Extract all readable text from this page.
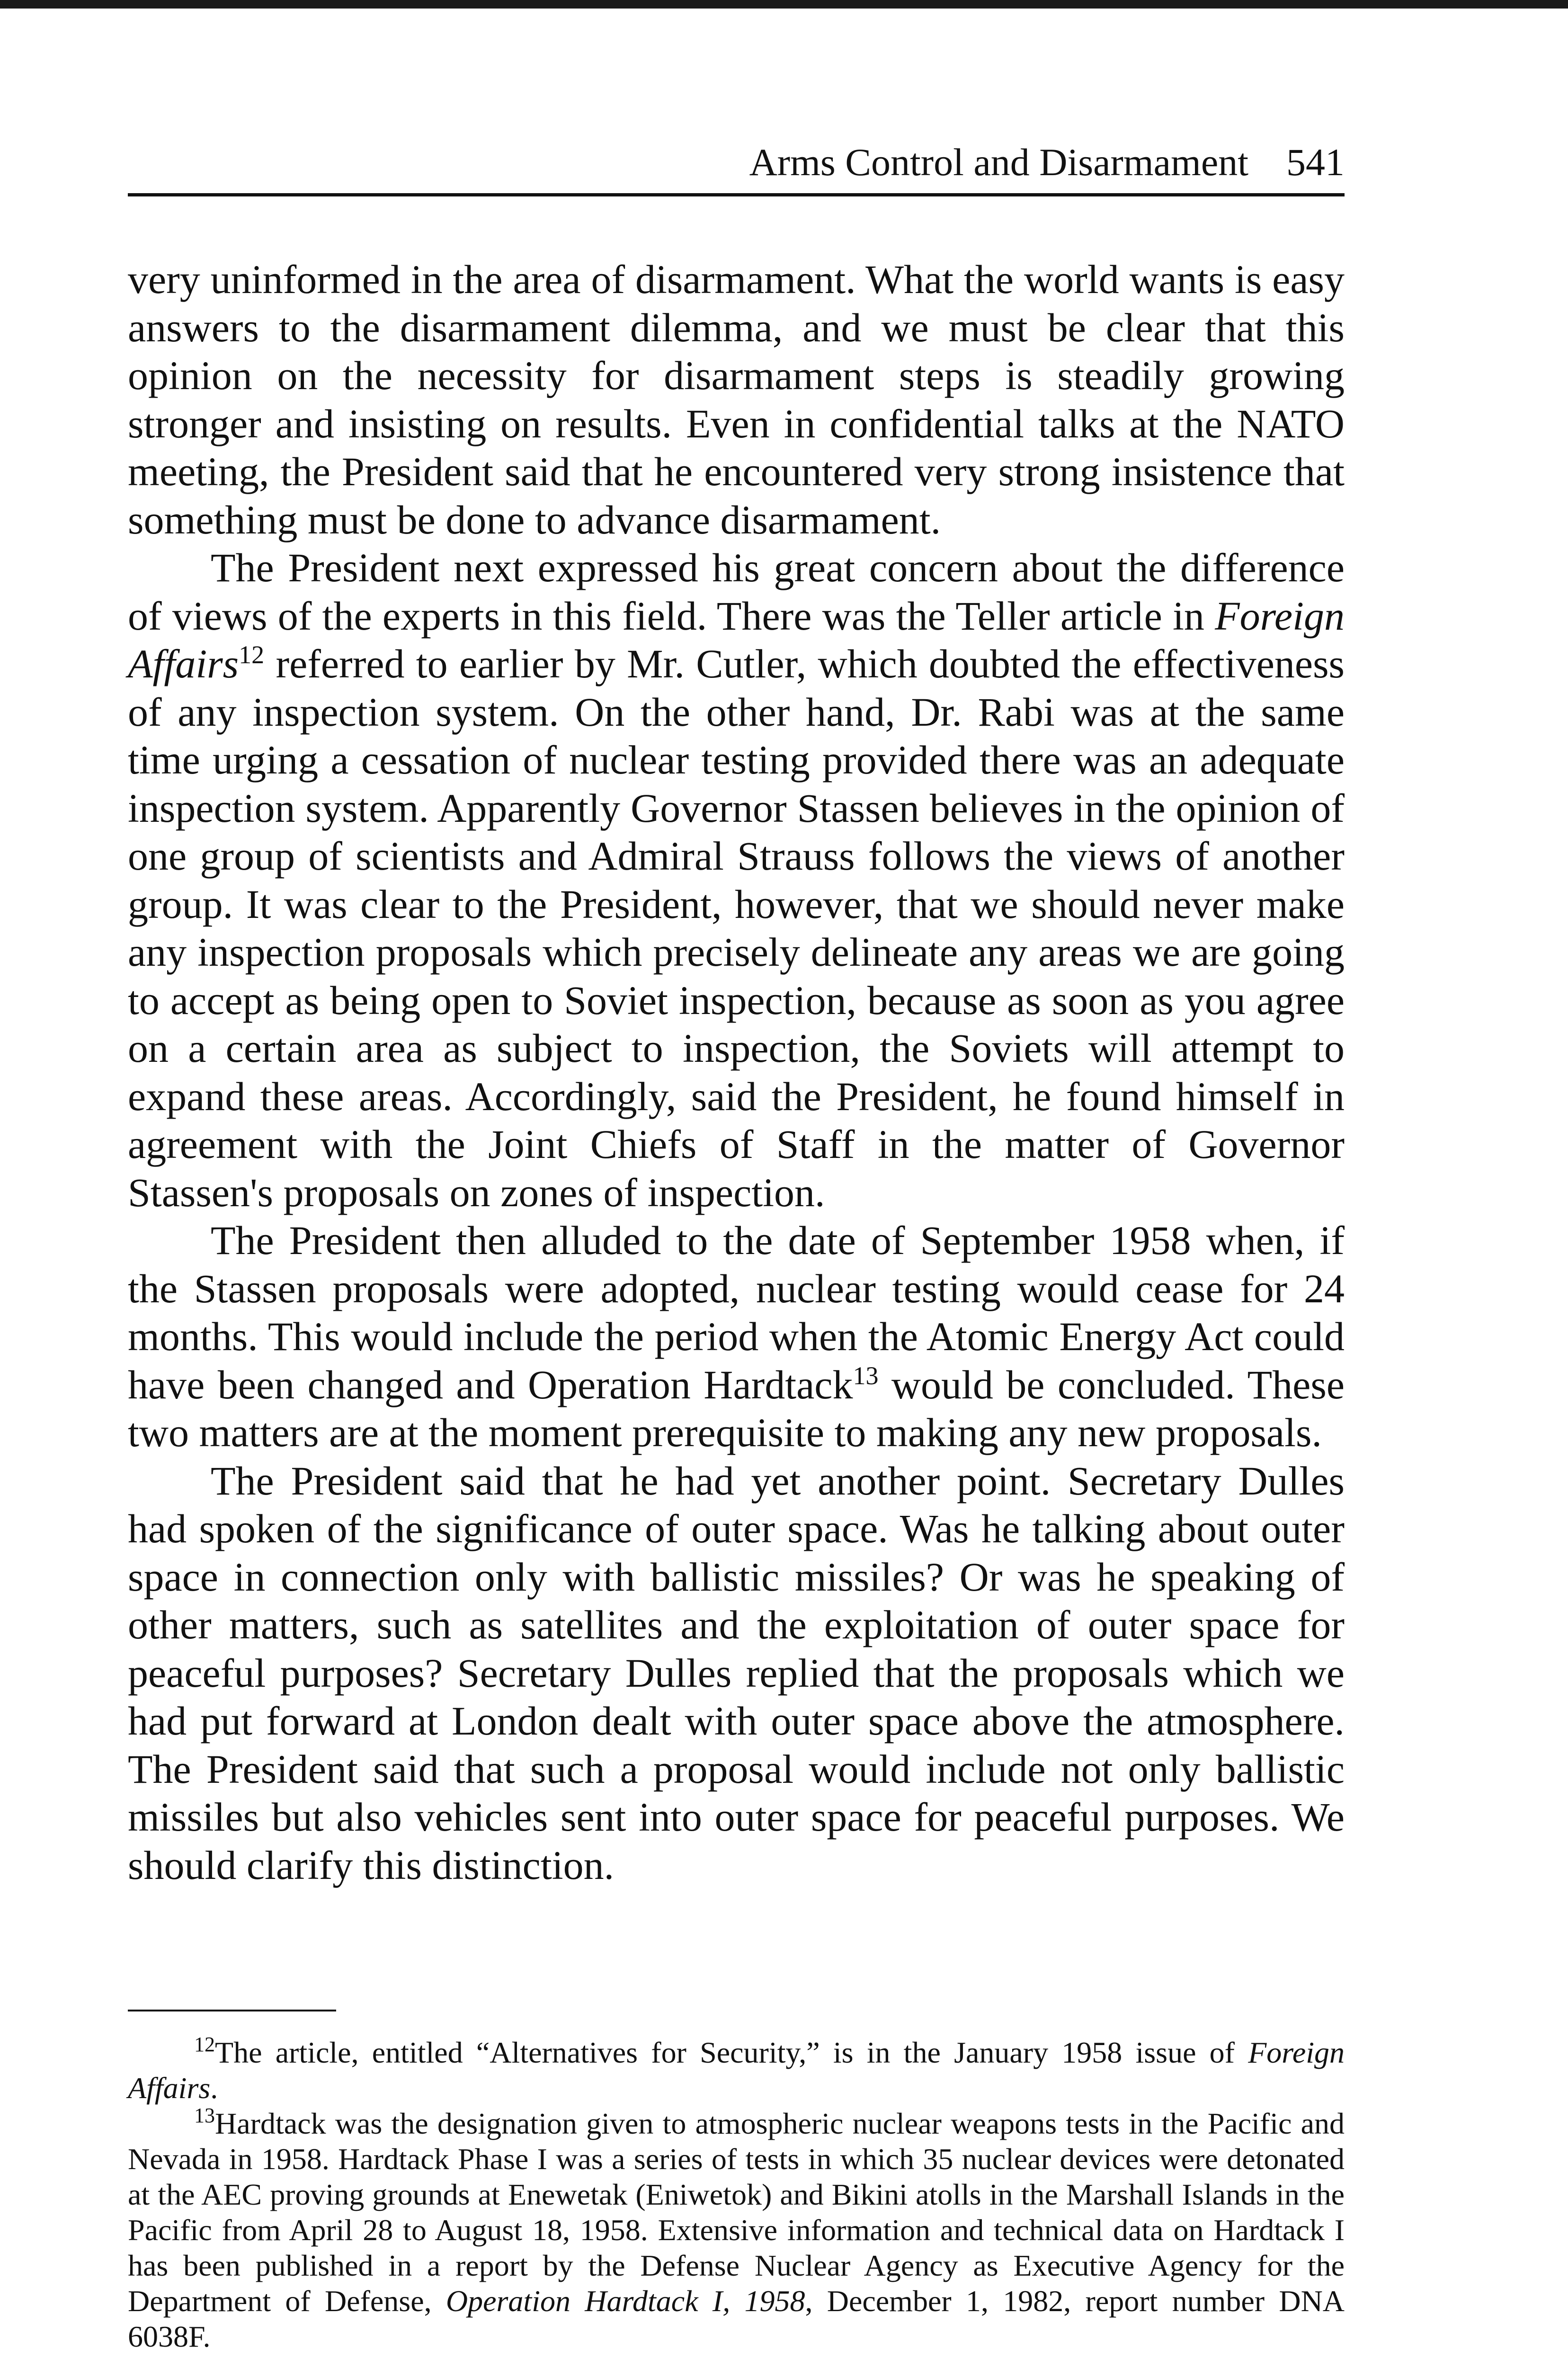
Arms Control and Disarmament 541

very uninformed in the area of disarmament. What the world wants is easy answers to the disarmament dilemma, and we must be clear that this opinion on the necessity for disarmament steps is steadily growing stronger and insisting on results. Even in confidential talks at the NATO meeting, the President said that he encountered very strong insistence that something must be done to advance disarmament.

The President next expressed his great concern about the difference of views of the experts in this field. There was the Teller article in Foreign Affairs$^{12}$ referred to earlier by Mr. Cutler, which doubted the effectiveness of any inspection system. On the other hand, Dr. Rabi was at the same time urging a cessation of nuclear testing provided there was an adequate inspection system. Apparently Governor Stassen believes in the opinion of one group of scientists and Admiral Strauss follows the views of another group. It was clear to the President, however, that we should never make any inspection proposals which precisely delineate any areas we are going to accept as being open to Soviet inspection, because as soon as you agree on a certain area as subject to inspection, the Soviets will attempt to expand these areas. Accordingly, said the President, he found himself in agreement with the Joint Chiefs of Staff in the matter of Governor Stassen's proposals on zones of inspection.

The President then alluded to the date of September 1958 when, if the Stassen proposals were adopted, nuclear testing would cease for 24 months. This would include the period when the Atomic Energy Act could have been changed and Operation Hardtack$^{13}$ would be concluded. These two matters are at the moment prerequisite to making any new proposals.

The President said that he had yet another point. Secretary Dulles had spoken of the significance of outer space. Was he talking about outer space in connection only with ballistic missiles? Or was he speaking of other matters, such as satellites and the exploitation of outer space for peaceful purposes? Secretary Dulles replied that the proposals which we had put forward at London dealt with outer space above the atmosphere. The President said that such a proposal would include not only ballistic missiles but also vehicles sent into outer space for peaceful purposes. We should clarify this distinction.

$^{12}$The article, entitled “Alternatives for Security,” is in the January 1958 issue of Foreign Affairs.

$^{13}$Hardtack was the designation given to atmospheric nuclear weapons tests in the Pacific and Nevada in 1958. Hardtack Phase I was a series of tests in which 35 nuclear devices were detonated at the AEC proving grounds at Enewetak (Eniwetok) and Bikini atolls in the Marshall Islands in the Pacific from April 28 to August 18, 1958. Extensive information and technical data on Hardtack I has been published in a report by the Defense Nuclear Agency as Executive Agency for the Department of Defense, Operation Hardtack I, 1958, December 1, 1982, report number DNA 6038F.
